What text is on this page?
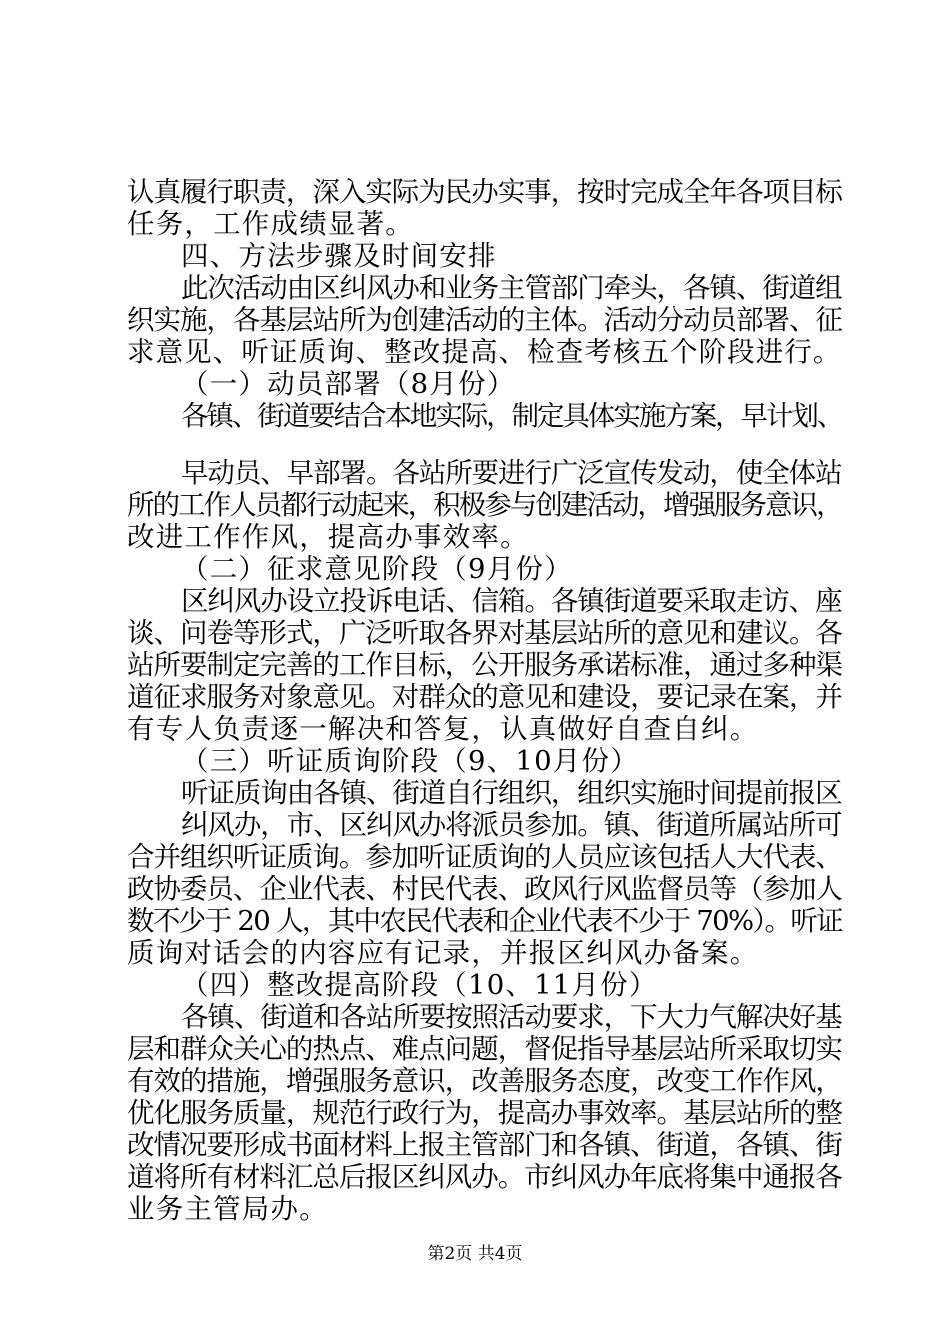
认真履行职责，深入实际为民办实事，按时完成全年各项目标
任务，工作成绩显著。
四、方法步骤及时间安排
此次活动由区纠风办和业务主管部门牵头，各镇、街道组
织实施，各基层站所为创建活动的主体。活动分动员部署、征
求意见、听证质询、整改提高、检查考核五个阶段进行。
（一）动员部署（8月份）
各镇、街道要结合本地实际，制定具体实施方案，早计划、
早动员、早部署。各站所要进行广泛宣传发动，使全体站
所的工作人员都行动起来，积极参与创建活动，增强服务意识，
改进工作作风，提高办事效率。
（二）征求意见阶段（9月份）
区纠风办设立投诉电话、信箱。各镇街道要采取走访、座
谈、问卷等形式，广泛听取各界对基层站所的意见和建议。各
站所要制定完善的工作目标，公开服务承诺标准，通过多种渠
道征求服务对象意见。对群众的意见和建设，要记录在案，并
有专人负责逐一解决和答复，认真做好自查自纠。
（三）听证质询阶段（9、10月份）
听证质询由各镇、街道自行组织，组织实施时间提前报区
纠风办，市、区纠风办将派员参加。镇、街道所属站所可
合并组织听证质询。参加听证质询的人员应该包括人大代表、
政协委员、企业代表、村民代表、政风行风监督员等（参加人
数不少于 20 人，其中农民代表和企业代表不少于 70%）。听证
质询对话会的内容应有记录，并报区纠风办备案。
（四）整改提高阶段（10、11月份）
各镇、街道和各站所要按照活动要求，下大力气解决好基
层和群众关心的热点、难点问题，督促指导基层站所采取切实
有效的措施，增强服务意识，改善服务态度，改变工作作风，
优化服务质量，规范行政行为，提高办事效率。基层站所的整
改情况要形成书面材料上报主管部门和各镇、街道，各镇、街
道将所有材料汇总后报区纠风办。市纠风办年底将集中通报各
业务主管局办。
第2页 共4页
